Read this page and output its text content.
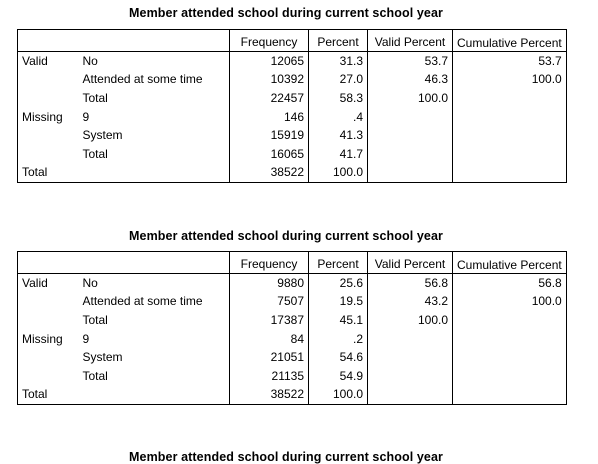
Member attended school during current school year
		Frequency	Percent	Valid Percent	Cumulative Percent
Valid	No	12065	31.3	53.7	53.7
	Attended at some time	10392	27.0	46.3	100.0
	Total	22457	58.3	100.0	
Missing	9	146	.4		
	System	15919	41.3		
	Total	16065	41.7		
Total		38522	100.0		
Member attended school during current school year
		Frequency	Percent	Valid Percent	Cumulative Percent
Valid	No	9880	25.6	56.8	56.8
	Attended at some time	7507	19.5	43.2	100.0
	Total	17387	45.1	100.0	
Missing	9	84	.2		
	System	21051	54.6		
	Total	21135	54.9		
Total		38522	100.0		
Member attended school during current school year
